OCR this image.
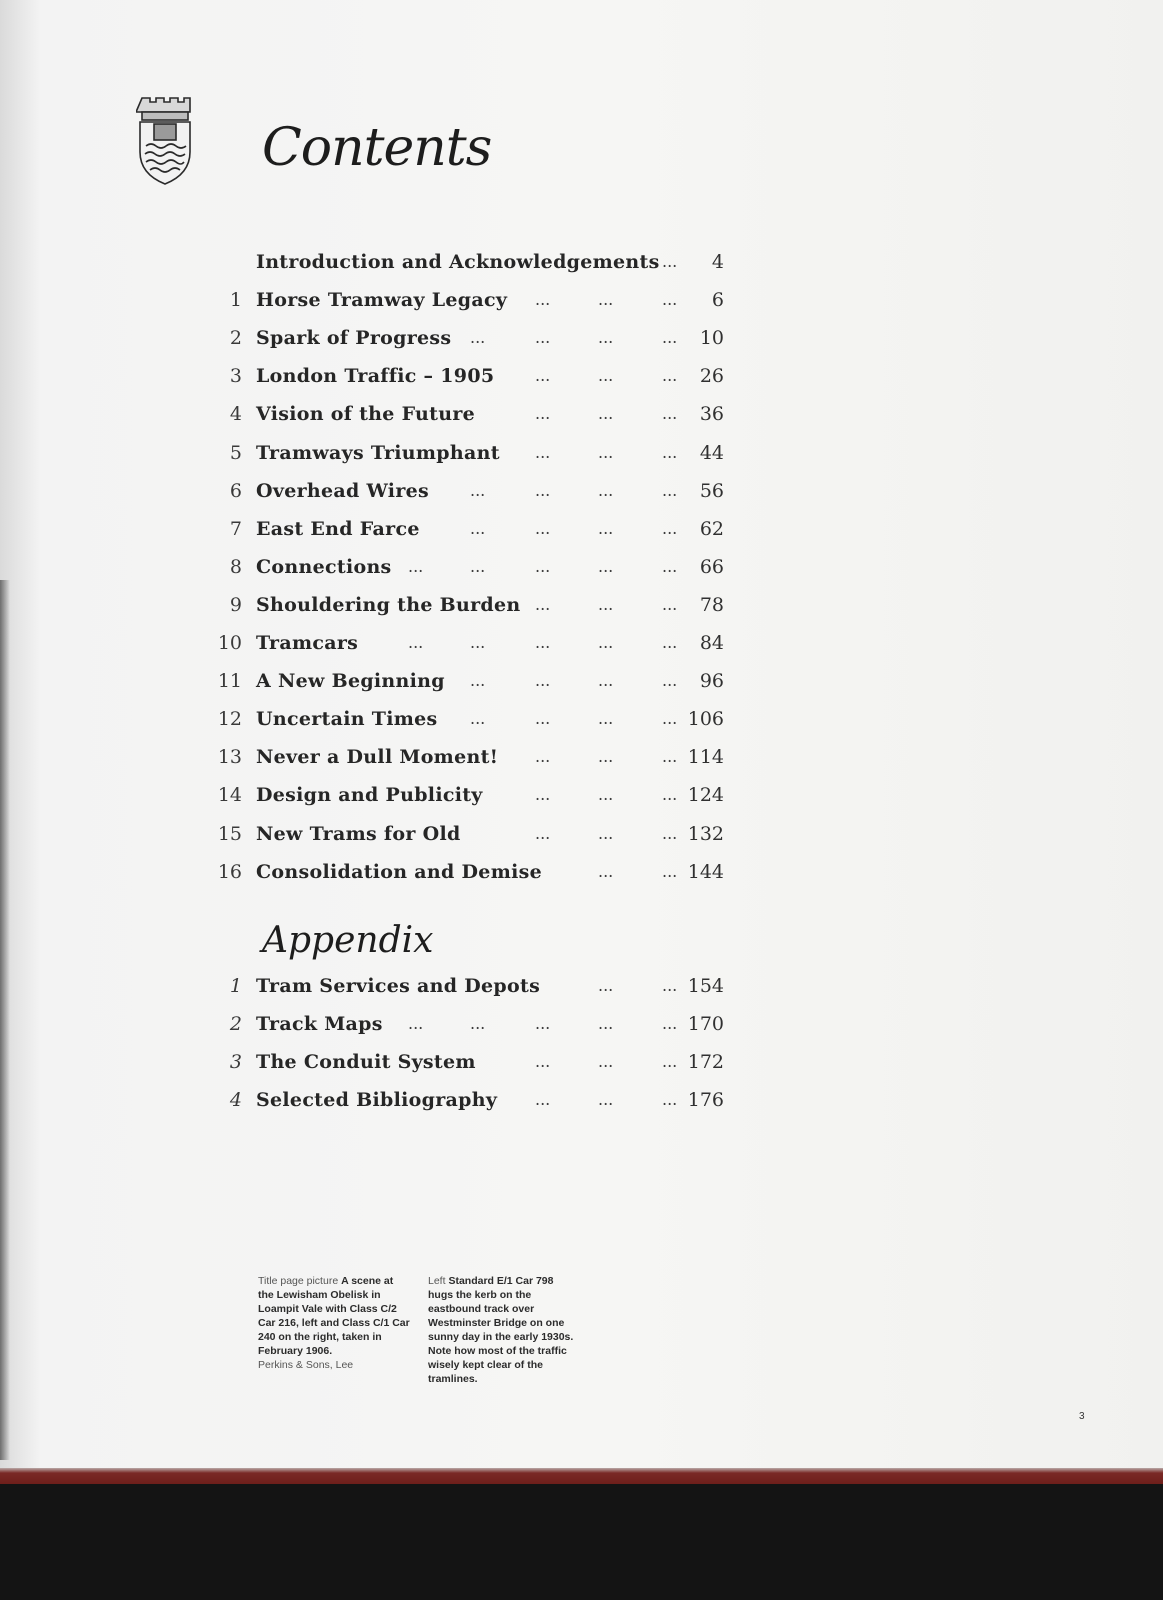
Contents
Introduction and Acknowledgements	4
...
1 Horse Tramway Legacy	6
...	...	...
2 Spark of Progress	10
...	...	...	...
3 London Traffic – 1905	26
...	...	...
4 Vision of the Future	36
...	...	...
5 Tramways Triumphant	44
...	...	...
6 Overhead Wires	56
...	...	...	...
7 East End Farce	62
...	...	...	...
8 Connections	66
...	...	...	...	...
9 Shouldering the Burden	78
...	...	...
10 Tramcars	84
...	...	...	...	...
11 A New Beginning	96
...	...	...	...
12 Uncertain Times	106
...	...	...	...
13 Never a Dull Moment!	114
...	...	...
14 Design and Publicity	124
...	...	...
15 New Trams for Old	132
...	...	...
16 Consolidation and Demise	144
...	...
Appendix
1 Tram Services and Depots	154
...	...
2 Track Maps	170
...	...	...	...	...
3 The Conduit System	172
...	...	...
4 Selected Bibliography	176
...	...	...
Title page picture A scene at the Lewisham Obelisk in Loampit Vale with Class C/2 Car 216, left and Class C/1 Car 240 on the right, taken in February 1906.
Perkins & Sons, Lee
Left Standard E/1 Car 798 hugs the kerb on the eastbound track over Westminster Bridge on one sunny day in the early 1930s. Note how most of the traffic wisely kept clear of the tramlines.
3
